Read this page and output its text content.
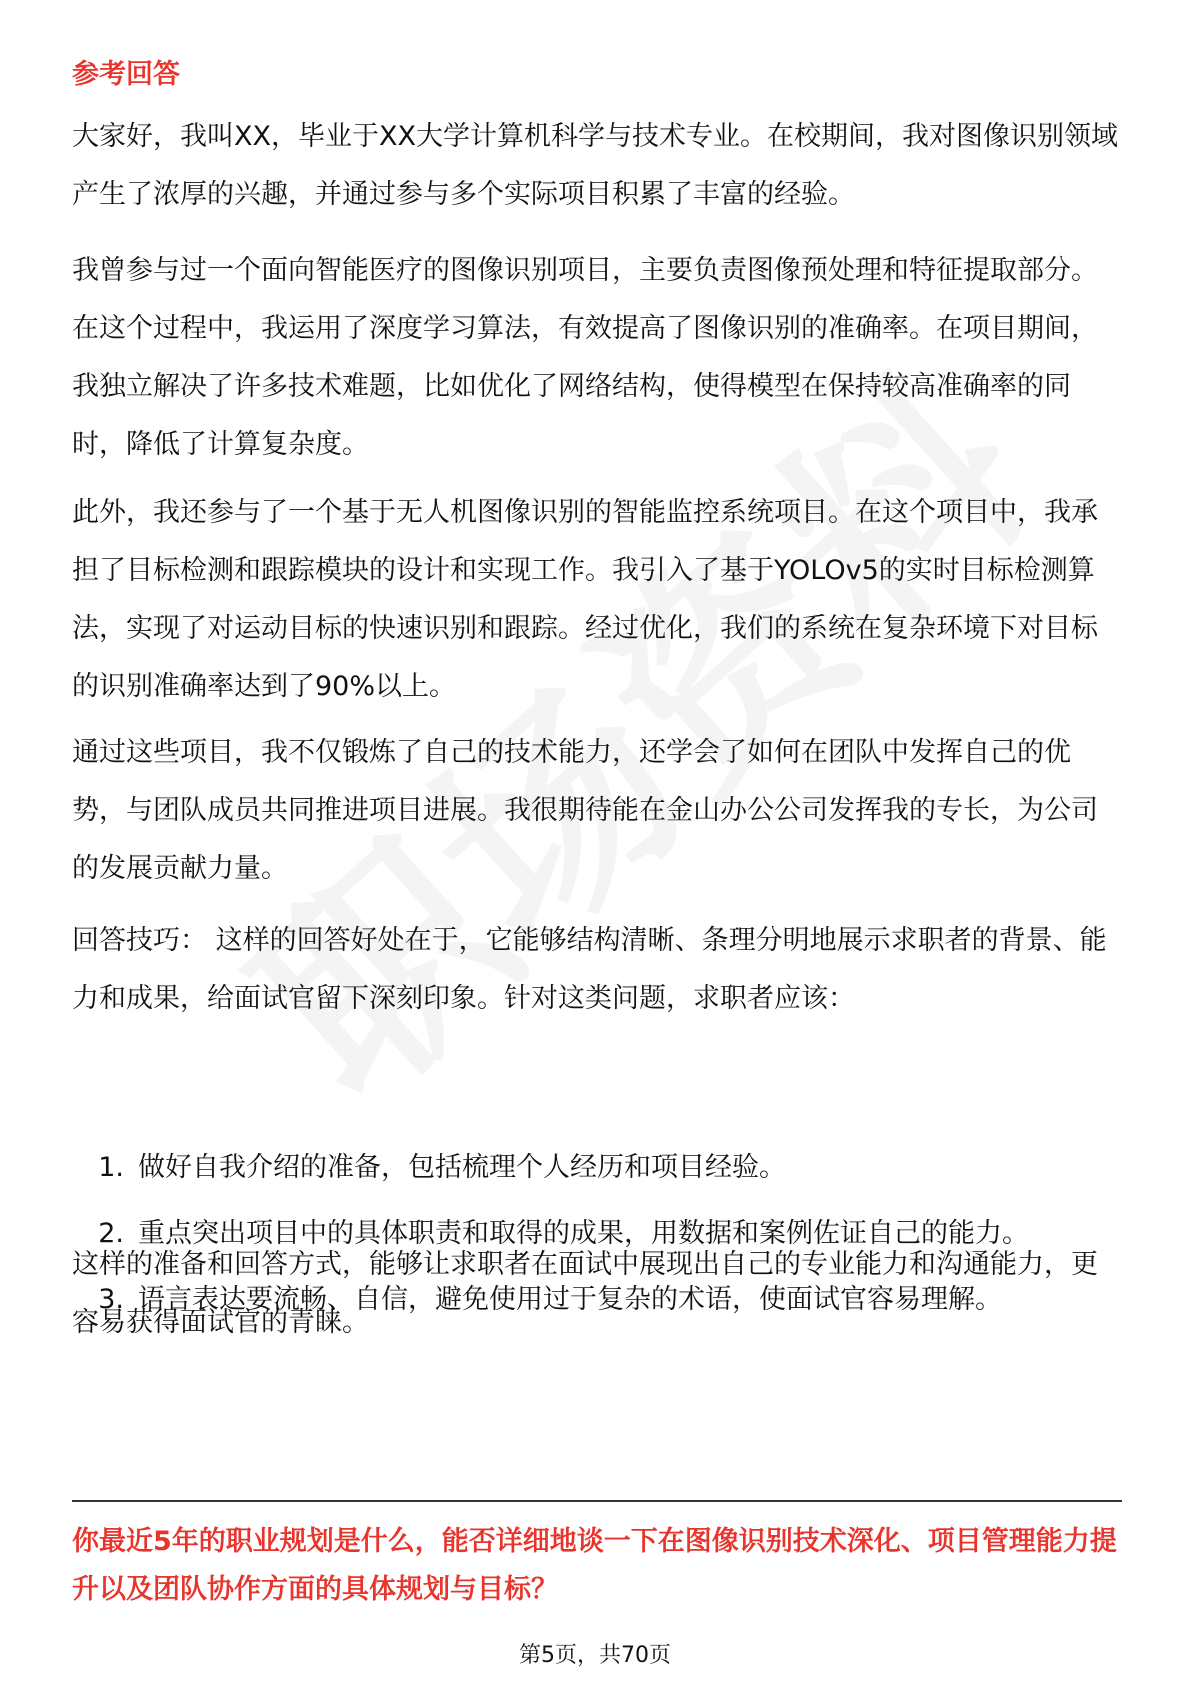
参考回答

大家好，我叫XX，毕业于XX大学计算机科学与技术专业。在校期间，我对图像识别领域产生了浓厚的兴趣，并通过参与多个实际项目积累了丰富的经验。

我曾参与过一个面向智能医疗的图像识别项目，主要负责图像预处理和特征提取部分。在这个过程中，我运用了深度学习算法，有效提高了图像识别的准确率。在项目期间，我独立解决了许多技术难题，比如优化了网络结构，使得模型在保持较高准确率的同时，降低了计算复杂度。

此外，我还参与了一个基于无人机图像识别的智能监控系统项目。在这个项目中，我承担了目标检测和跟踪模块的设计和实现工作。我引入了基于YOLOv5的实时目标检测算法，实现了对运动目标的快速识别和跟踪。经过优化，我们的系统在复杂环境下对目标的识别准确率达到了90%以上。

通过这些项目，我不仅锻炼了自己的技术能力，还学会了如何在团队中发挥自己的优势，与团队成员共同推进项目进展。我很期待能在金山办公公司发挥我的专长，为公司的发展贡献力量。

回答技巧： 这样的回答好处在于，它能够结构清晰、条理分明地展示求职者的背景、能力和成果，给面试官留下深刻印象。针对这类问题，求职者应该：

1. 做好自我介绍的准备，包括梳理个人经历和项目经验。
2. 重点突出项目中的具体职责和取得的成果，用数据和案例佐证自己的能力。
3. 语言表达要流畅、自信，避免使用过于复杂的术语，使面试官容易理解。

这样的准备和回答方式，能够让求职者在面试中展现出自己的专业能力和沟通能力，更容易获得面试官的青睐。

你最近5年的职业规划是什么，能否详细地谈一下在图像识别技术深化、项目管理能力提升以及团队协作方面的具体规划与目标？

第5页，共70页
